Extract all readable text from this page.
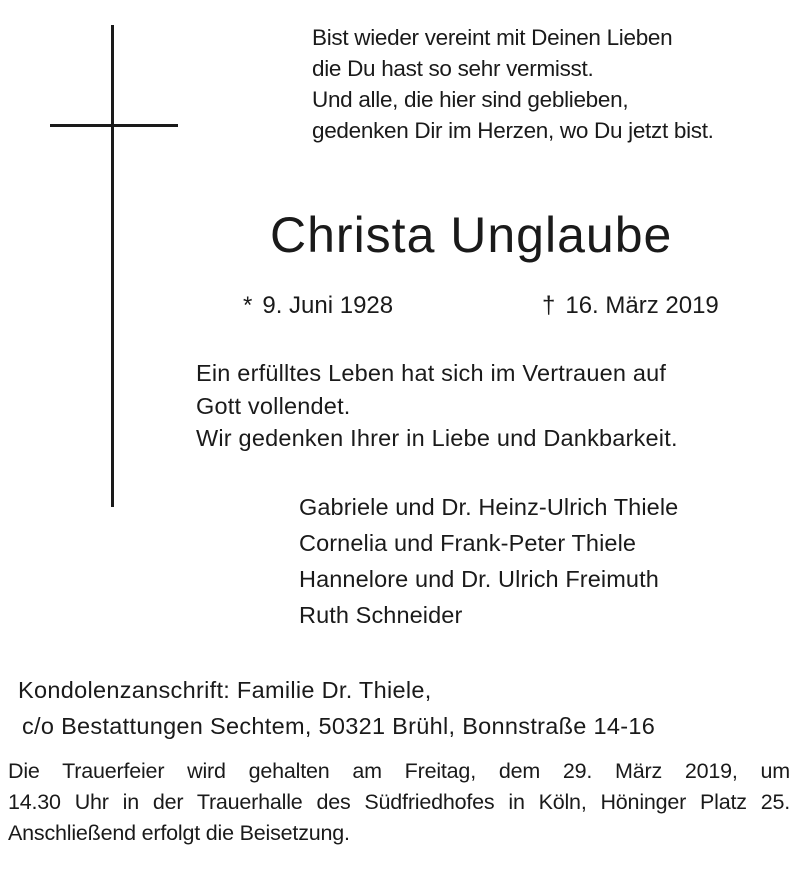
Bist wieder vereint mit Deinen Lieben
die Du hast so sehr vermisst.
Und alle, die hier sind geblieben,
gedenken Dir im Herzen, wo Du jetzt bist.
Christa Unglaube
* 9. Juni 1928	† 16. März 2019
Ein erfülltes Leben hat sich im Vertrauen auf
Gott vollendet.
Wir gedenken Ihrer in Liebe und Dankbarkeit.
Gabriele und Dr. Heinz-Ulrich Thiele
Cornelia und Frank-Peter Thiele
Hannelore und Dr. Ulrich Freimuth
Ruth Schneider
Kondolenzanschrift: Familie Dr. Thiele,
c/o Bestattungen Sechtem, 50321 Brühl, Bonnstraße 14-16
Die Trauerfeier wird gehalten am Freitag, dem 29. März 2019, um
14.30 Uhr in der Trauerhalle des Südfriedhofes in Köln, Höninger Platz 25.
Anschließend erfolgt die Beisetzung.
